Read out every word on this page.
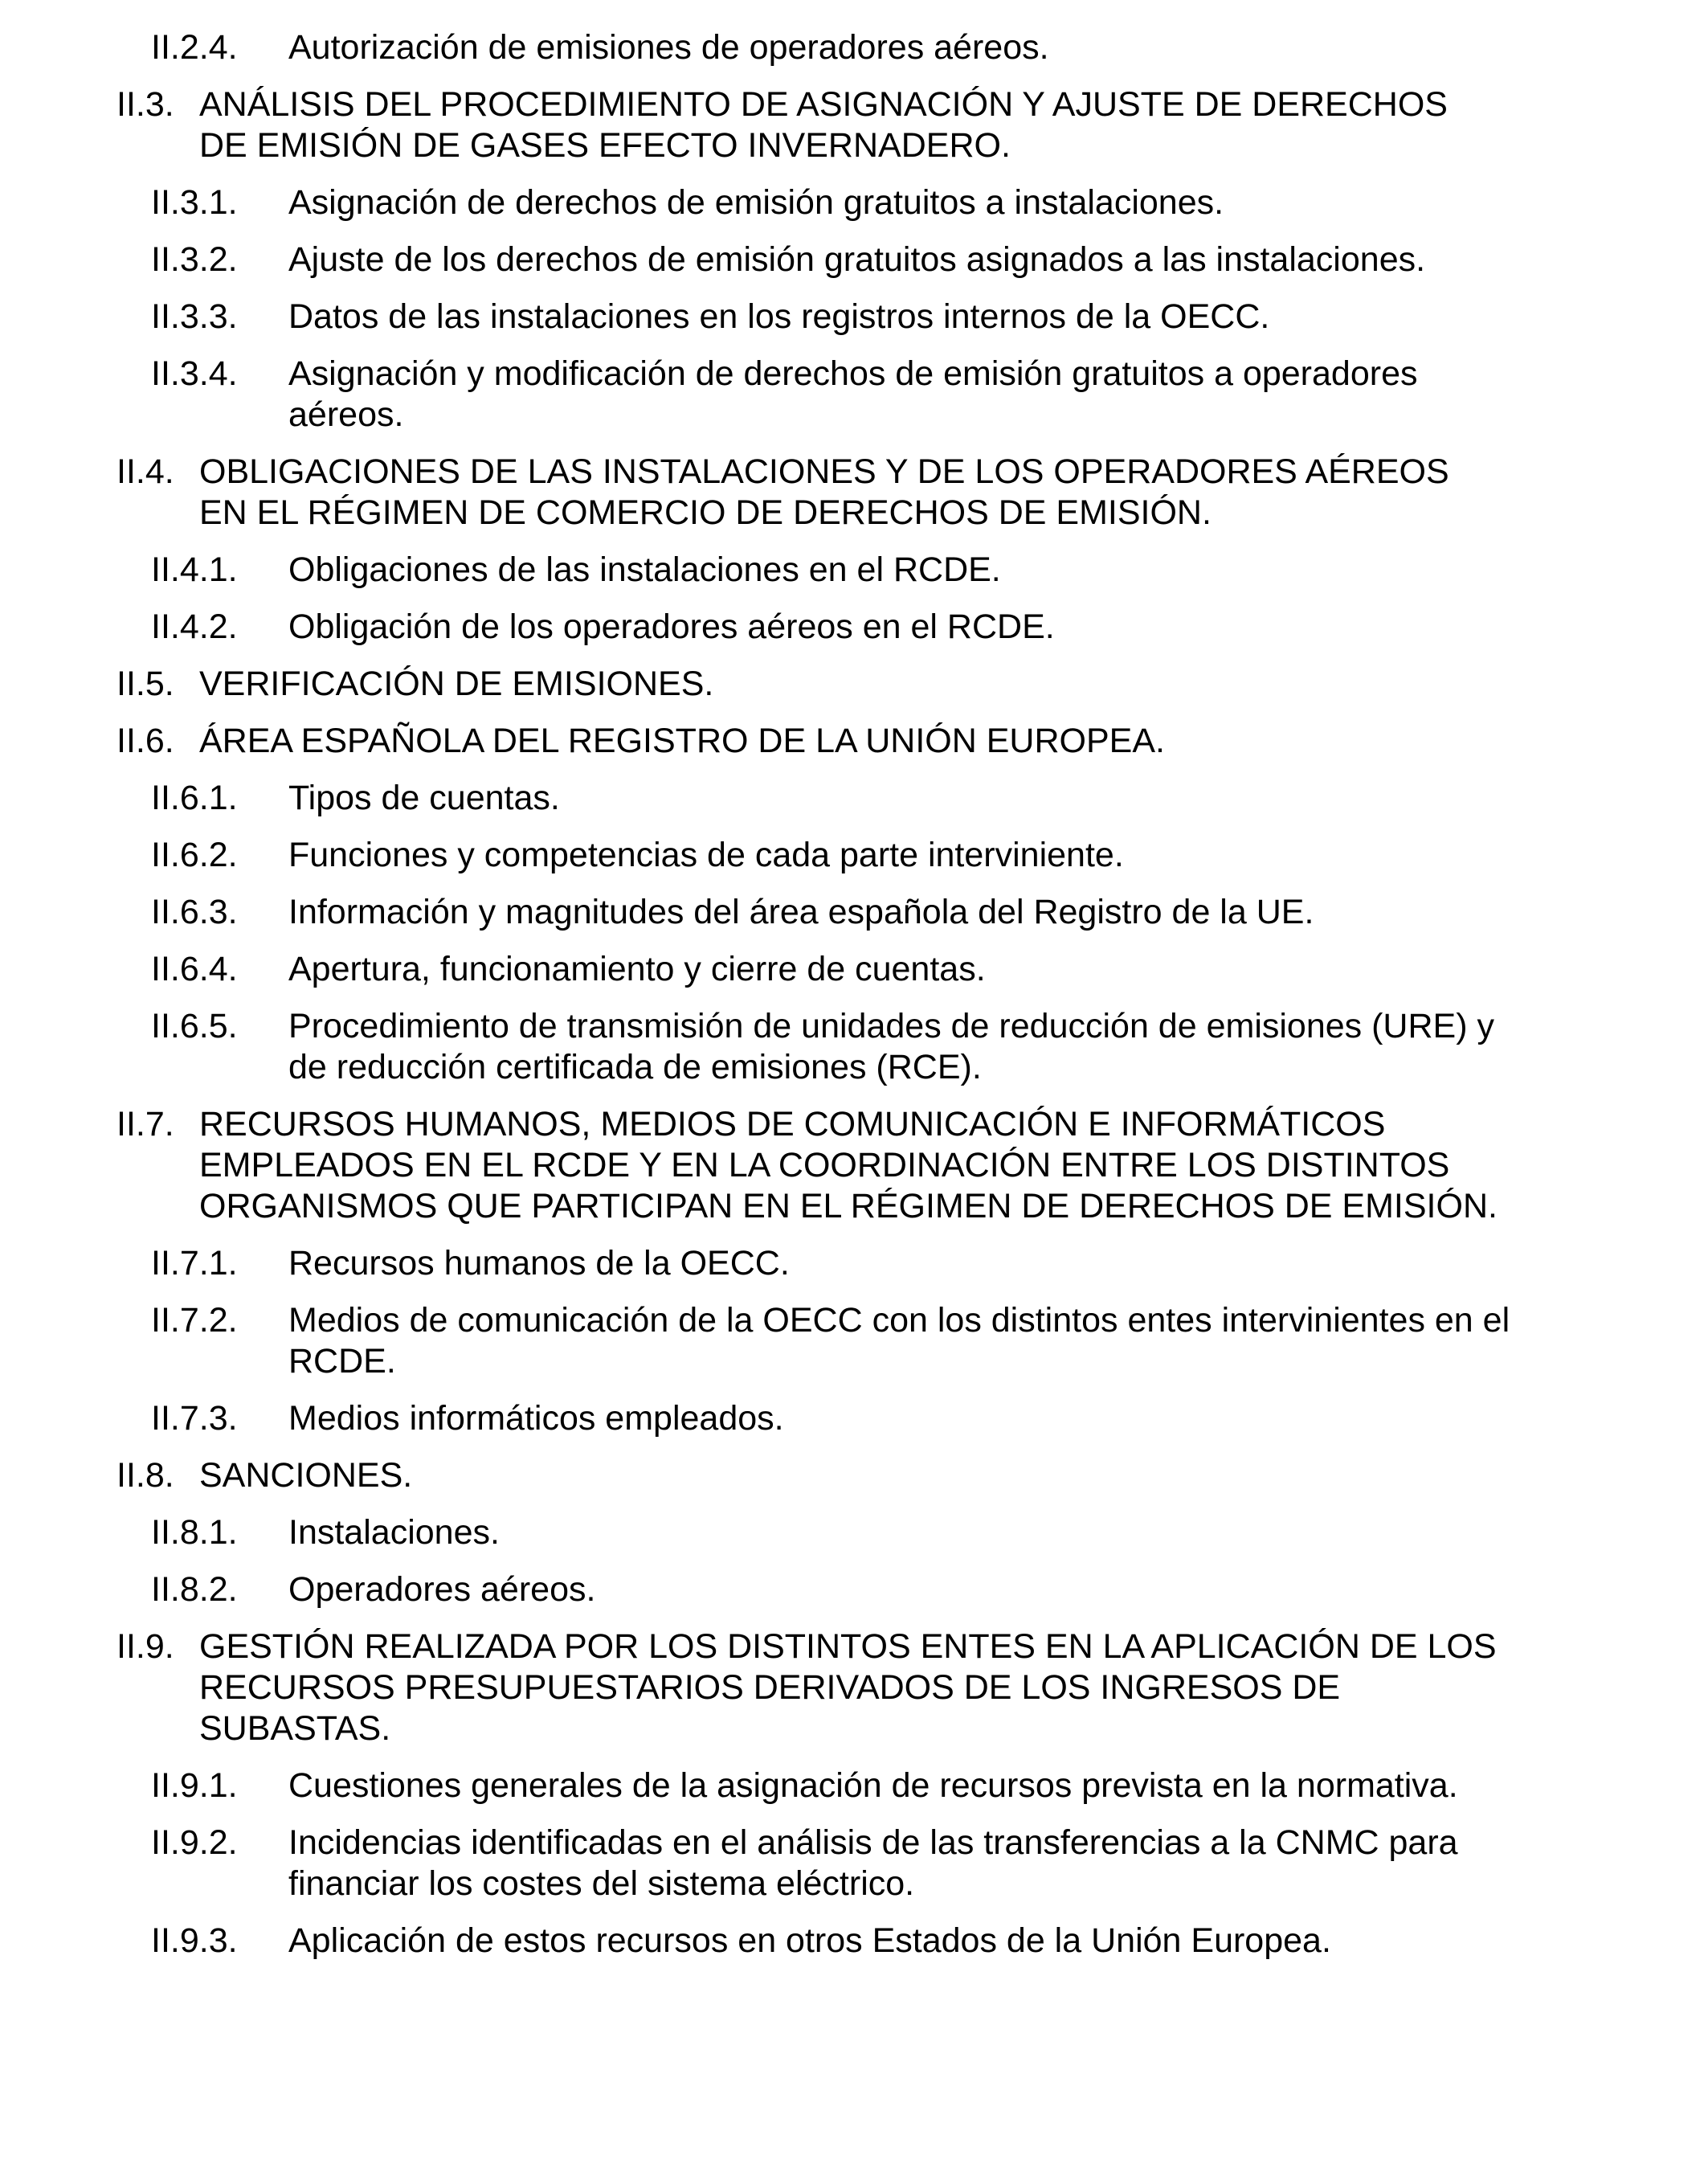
II.2.4. Autorización de emisiones de operadores aéreos.
II.3. ANÁLISIS DEL PROCEDIMIENTO DE ASIGNACIÓN Y AJUSTE DE DERECHOS
DE EMISIÓN DE GASES EFECTO INVERNADERO.
II.3.1. Asignación de derechos de emisión gratuitos a instalaciones.
II.3.2. Ajuste de los derechos de emisión gratuitos asignados a las instalaciones.
II.3.3. Datos de las instalaciones en los registros internos de la OECC.
II.3.4. Asignación y modificación de derechos de emisión gratuitos a operadores
aéreos.
II.4. OBLIGACIONES DE LAS INSTALACIONES Y DE LOS OPERADORES AÉREOS
EN EL RÉGIMEN DE COMERCIO DE DERECHOS DE EMISIÓN.
II.4.1. Obligaciones de las instalaciones en el RCDE.
II.4.2. Obligación de los operadores aéreos en el RCDE.
II.5. VERIFICACIÓN DE EMISIONES.
II.6. ÁREA ESPAÑOLA DEL REGISTRO DE LA UNIÓN EUROPEA.
II.6.1. Tipos de cuentas.
II.6.2. Funciones y competencias de cada parte interviniente.
II.6.3. Información y magnitudes del área española del Registro de la UE.
II.6.4. Apertura, funcionamiento y cierre de cuentas.
II.6.5. Procedimiento de transmisión de unidades de reducción de emisiones (URE) y
de reducción certificada de emisiones (RCE).
II.7. RECURSOS HUMANOS, MEDIOS DE COMUNICACIÓN E INFORMÁTICOS
EMPLEADOS EN EL RCDE Y EN LA COORDINACIÓN ENTRE LOS DISTINTOS
ORGANISMOS QUE PARTICIPAN EN EL RÉGIMEN DE DERECHOS DE EMISIÓN.
II.7.1. Recursos humanos de la OECC.
II.7.2. Medios de comunicación de la OECC con los distintos entes intervinientes en el
RCDE.
II.7.3. Medios informáticos empleados.
II.8. SANCIONES.
II.8.1. Instalaciones.
II.8.2. Operadores aéreos.
II.9. GESTIÓN REALIZADA POR LOS DISTINTOS ENTES EN LA APLICACIÓN DE LOS
RECURSOS PRESUPUESTARIOS DERIVADOS DE LOS INGRESOS DE
SUBASTAS.
II.9.1. Cuestiones generales de la asignación de recursos prevista en la normativa.
II.9.2. Incidencias identificadas en el análisis de las transferencias a la CNMC para
financiar los costes del sistema eléctrico.
II.9.3. Aplicación de estos recursos en otros Estados de la Unión Europea.
